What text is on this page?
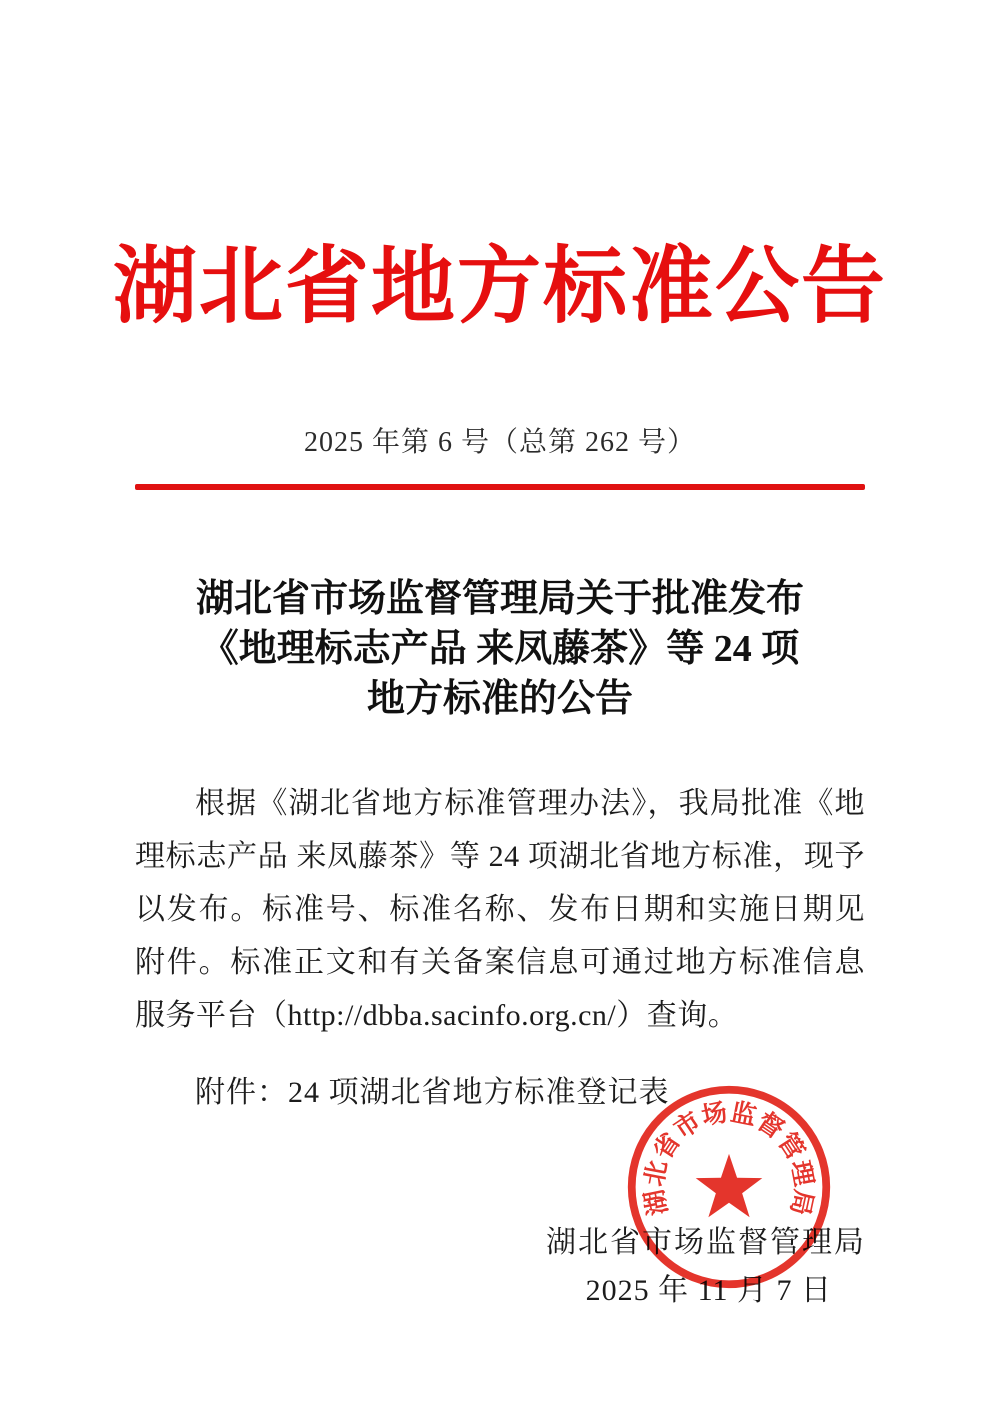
湖北省地方标准公告
2025 年第 6 号（总第 262 号）
湖北省市场监督管理局关于批准发布
《地理标志产品 来凤藤茶》等 24 项
地方标准的公告
根据《湖北省地方标准管理办法》，我局批准《地理标志产品 来凤藤茶》等 24 项湖北省地方标准，现予以发布。标准号、标准名称、发布日期和实施日期见附件。标准正文和有关备案信息可通过地方标准信息服务平台（http://dbba.sacinfo.org.cn/）查询。
附件：24 项湖北省地方标准登记表
湖北省市场监督管理局
2025 年 11 月 7 日
湖
北
省
市
场
监
督
管
理
局
